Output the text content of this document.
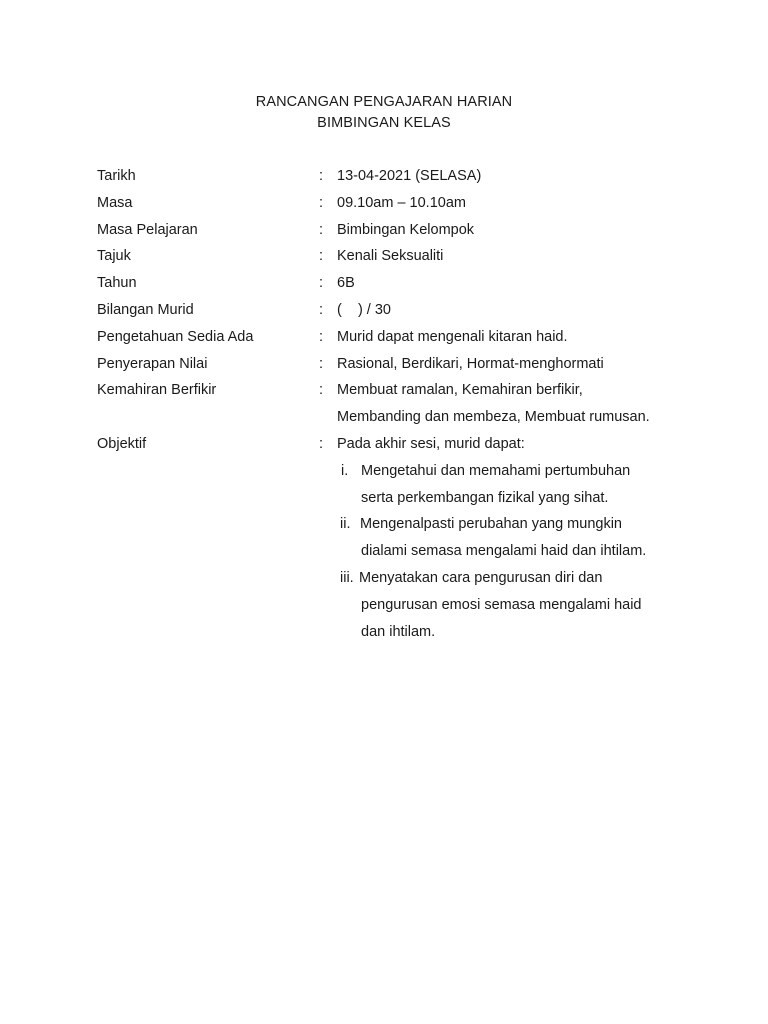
RANCANGAN PENGAJARAN HARIAN
BIMBINGAN KELAS
Tarikh	: 13-04-2021 (SELASA)
Masa	: 09.10am – 10.10am
Masa Pelajaran	: Bimbingan Kelompok
Tajuk	: Kenali Seksualiti
Tahun	: 6B
Bilangan Murid	: (    ) / 30
Pengetahuan Sedia Ada	: Murid dapat mengenali kitaran haid.
Penyerapan Nilai	: Rasional, Berdikari, Hormat-menghormati
Kemahiran Berfikir	: Membuat ramalan, Kemahiran berfikir,
Membanding dan membeza, Membuat rumusan.
Objektif	: Pada akhir sesi, murid dapat:
i. Mengetahui dan memahami pertumbuhan
serta perkembangan fizikal yang sihat.
ii. Mengenalpasti perubahan yang mungkin
dialami semasa mengalami haid dan ihtilam.
iii. Menyatakan cara pengurusan diri dan
pengurusan emosi semasa mengalami haid
dan ihtilam.
